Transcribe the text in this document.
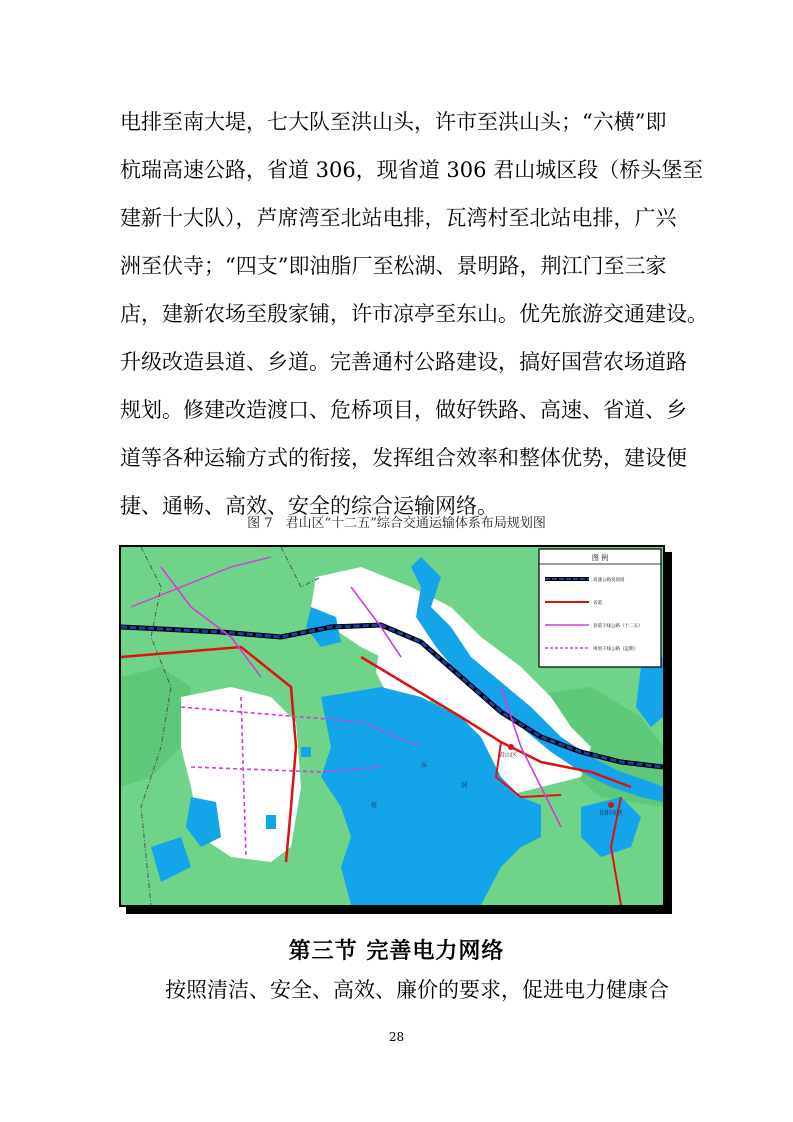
电排至南大堤，七大队至洪山头，许市至洪山头；“六横”即
杭瑞高速公路，省道 306，现省道 306 君山城区段（桥头堡至
建新十大队），芦席湾至北站电排，瓦湾村至北站电排，广兴
洲至伏寺；“四支”即油脂厂至松湖、景明路，荆江门至三家
店，建新农场至殷家铺，许市凉亭至东山。优先旅游交通建设。
升级改造县道、乡道。完善通村公路建设，搞好国营农场道路
规划。修建改造渡口、危桥项目，做好铁路、高速、省道、乡
道等各种运输方式的衔接，发挥组合效率和整体优势，建设便
捷、通畅、高效、安全的综合运输网络。
图 7　君山区“十二五”综合交通运输体系布局规划图
东
洞
庭
君山区
岳阳市区
图 例
高速公路及国道
省道
县道干线公路（十二五）
规划干线公路（远期）
第三节 完善电力网络
按照清洁、安全、高效、廉价的要求，促进电力健康合
28
